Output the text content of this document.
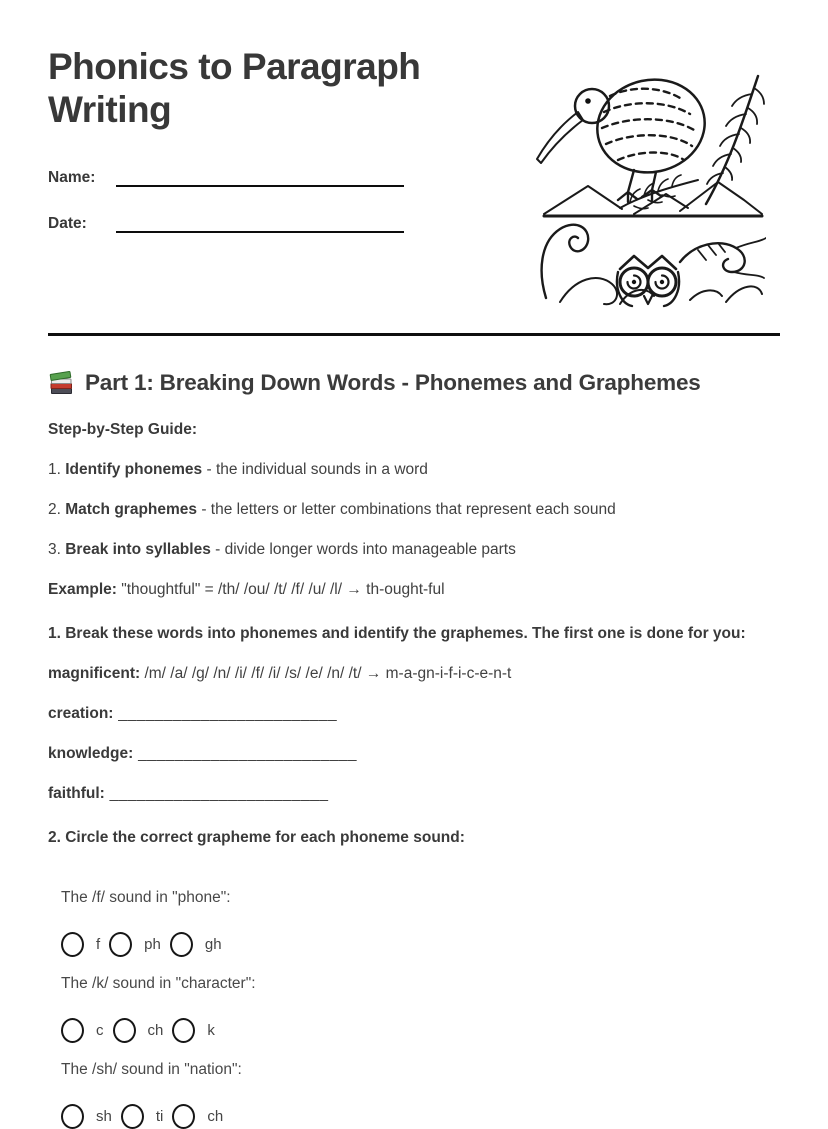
Phonics to Paragraph Writing
Name:
Date:
Part 1: Breaking Down Words - Phonemes and Graphemes

Step-by-Step Guide:

1. Identify phonemes - the individual sounds in a word

2. Match graphemes - the letters or letter combinations that represent each sound

3. Break into syllables - divide longer words into manageable parts

Example: "thoughtful" = /th/ /ou/ /t/ /f/ /u/ /l/ → th-ought-ful

1. Break these words into phonemes and identify the graphemes. The first one is done for you:

magnificent: /m/ /a/ /g/ /n/ /i/ /f/ /i/ /s/ /e/ /n/ /t/ → m-a-gn-i-f-i-c-e-n-t

creation: ________________________

knowledge: ________________________

faithful: ________________________

2. Circle the correct grapheme for each phoneme sound:

The /f/ sound in "phone":
f	ph	gh
The /k/ sound in "character":
c	ch	k
The /sh/ sound in "nation":
sh	ti	ch
